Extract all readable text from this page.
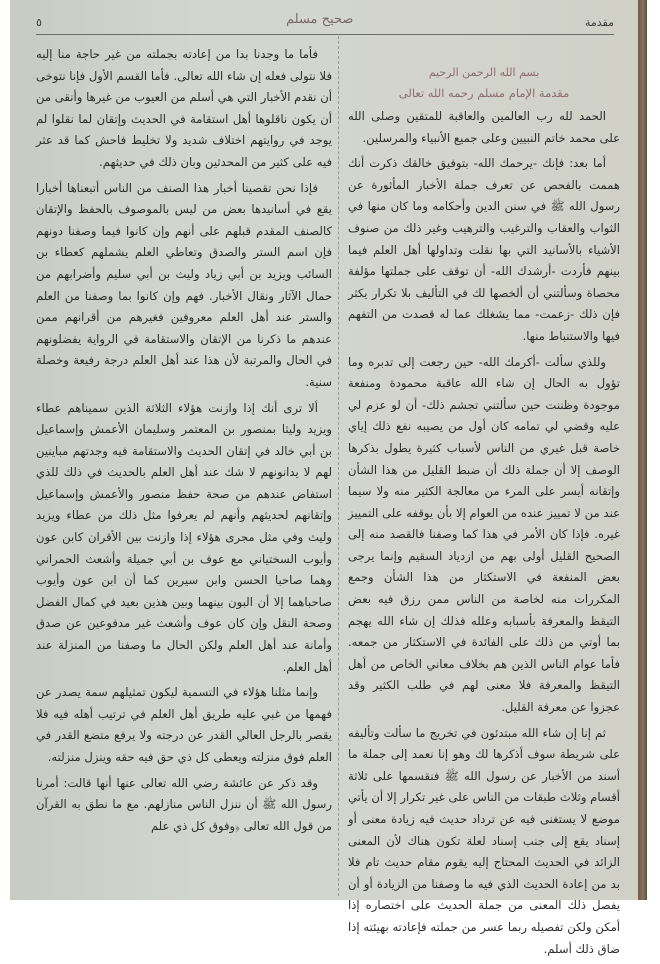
مقدمة
صحيح مسلم
٥
بسم الله الرحمن الرحيم
مقدمة الإمام مسلم رحمه الله تعالى

الحمد لله رب العالمين والعاقبة للمتقين وصلى الله على محمد خاتم النبيين وعلى جميع الأنبياء والمرسلين.

أما بعد: فإنك -يرحمك الله- بتوفيق خالقك ذكرت أنك هممت بالفحص عن تعرف جملة الأخبار المأثورة عن رسول الله ﷺ في سنن الدين وأحكامه وما كان منها في الثواب والعقاب والترغيب والترهيب وغير ذلك من صنوف الأشياء بالأسانيد التي بها نقلت وتداولها أهل العلم فيما بينهم فأردت -أرشدك الله- أن توقف على جملتها مؤلفة محصاة وسألتني أن ألخصها لك في التأليف بلا تكرار يكثر فإن ذلك -زعمت- مما يشغلك عما له قصدت من التفهم فيها والاستنباط منها.

وللذي سألت -أكرمك الله- حين رجعت إلى تدبره وما تؤول به الحال إن شاء الله عاقبة محمودة ومنفعة موجودة وظننت حين سألتني تجشم ذلك- أن لو عزم لي عليه وقضي لي تمامه كان أول من يصيبه نفع ذلك إياي خاصة قبل غيري من الناس لأسباب كثيرة يطول بذكرها الوصف إلا أن جملة ذلك أن ضبط القليل من هذا الشأن وإتقانه أيسر على المرء من معالجة الكثير منه ولا سيما عند من لا تمييز عنده من العوام إلا بأن يوقفه على التمييز غيره. فإذا كان الأمر في هذا كما وصفنا فالقصد منه إلى الصحيح القليل أولى بهم من ازدياد السقيم وإنما يرجى بعض المنفعة في الاستكثار من هذا الشأن وجمع المكررات منه لخاصة من الناس ممن رزق فيه بعض التيقظ والمعرفة بأسبابه وعلله فذلك إن شاء الله يهجم بما أوتي من ذلك على الفائدة في الاستكثار من جمعه. فأما عوام الناس الذين هم بخلاف معاني الخاص من أهل التيقظ والمعرفة فلا معنى لهم في طلب الكثير وقد عجزوا عن معرفة القليل.

ثم إنا إن شاء الله مبتدئون في تخريج ما سألت وتأليفه على شريطة سوف أذكرها لك وهو إنا نعمد إلى جملة ما أسند من الأخبار عن رسول الله ﷺ فنقسمها على ثلاثة أقسام وثلاث طبقات من الناس على غير تكرار إلا أن يأتي موضع لا يستغنى فيه عن ترداد حديث فيه زيادة معنى أو إسناد يقع إلى جنب إسناد لعلة تكون هناك لأن المعنى الزائد في الحديث المحتاج إليه يقوم مقام حديث تام فلا بد من إعادة الحديث الذي فيه ما وصفنا من الزيادة أو أن يفصل ذلك المعنى من جملة الحديث على اختصاره إذا أمكن ولكن تفصيله ربما عسر من جملته فإعادته بهيئته إذا ضاق ذلك أسلم.

فأما ما وجدنا بدا من إعادته بجملته من غير حاجة منا إليه فلا نتولى فعله إن شاء الله تعالى. فأما القسم الأول فإنا نتوخى أن نقدم الأخبار التي هي أسلم من العيوب من غيرها وأنقى من أن يكون ناقلوها أهل استقامة في الحديث وإتقان لما نقلوا لم يوجد في روايتهم اختلاف شديد ولا تخليط فاحش كما قد عثر فيه على كثير من المحدثين وبان ذلك في حديثهم.

فإذا نحن تقصينا أخبار هذا الصنف من الناس أتبعناها أخبارا يقع في أسانيدها بعض من ليس بالموصوف بالحفظ والإتقان كالصنف المقدم قبلهم على أنهم وإن كانوا فيما وصفنا دونهم فإن اسم الستر والصدق وتعاطي العلم يشملهم كعطاء بن السائب ويزيد بن أبي زياد وليث بن أبي سليم وأضرابهم من حمال الآثار ونقال الأخبار. فهم وإن كانوا بما وصفنا من العلم والستر عند أهل العلم معروفين فغيرهم من أقرانهم ممن عندهم ما ذكرنا من الإتقان والاستقامة في الرواية يفضلونهم في الحال والمرتبة لأن هذا عند أهل العلم درجة رفيعة وخصلة سنية.

ألا ترى أنك إذا وازنت هؤلاء الثلاثة الذين سميناهم عطاء ويزيد وليثا بمنصور بن المعتمر وسليمان الأعمش وإسماعيل بن أبي خالد في إتقان الحديث والاستقامة فيه وجدتهم مباينين لهم لا يدانونهم لا شك عند أهل العلم بالحديث في ذلك للذي استفاض عندهم من صحة حفظ منصور والأعمش وإسماعيل وإتقانهم لحديثهم وأنهم لم يعرفوا مثل ذلك من عطاء ويزيد وليث وفي مثل مجرى هؤلاء إذا وازنت بين الأقران كابن عون وأيوب السختياني مع عوف بن أبي جميلة وأشعث الحمراني وهما صاحبا الحسن وابن سيرين كما أن ابن عون وأيوب صاحباهما إلا أن البون بينهما وبين هذين بعيد في كمال الفضل وصحة النقل وإن كان عوف وأشعث غير مدفوعين عن صدق وأمانة عند أهل العلم ولكن الحال ما وصفنا من المنزلة عند أهل العلم.

وإنما مثلنا هؤلاء في التسمية ليكون تمثيلهم سمة يصدر عن فهمها من غبي عليه طريق أهل العلم في ترتيب أهله فيه فلا يقصر بالرجل العالي القدر عن درجته ولا يرفع متضع القدر في العلم فوق منزلته ويعطى كل ذي حق فيه حقه وينزل منزلته.

وقد ذكر عن عائشة رضي الله تعالى عنها أنها قالت: أمرنا رسول الله ﷺ أن ننزل الناس منازلهم. مع ما نطق به القرآن من قول الله تعالى ﴿وفوق كل ذي علم
